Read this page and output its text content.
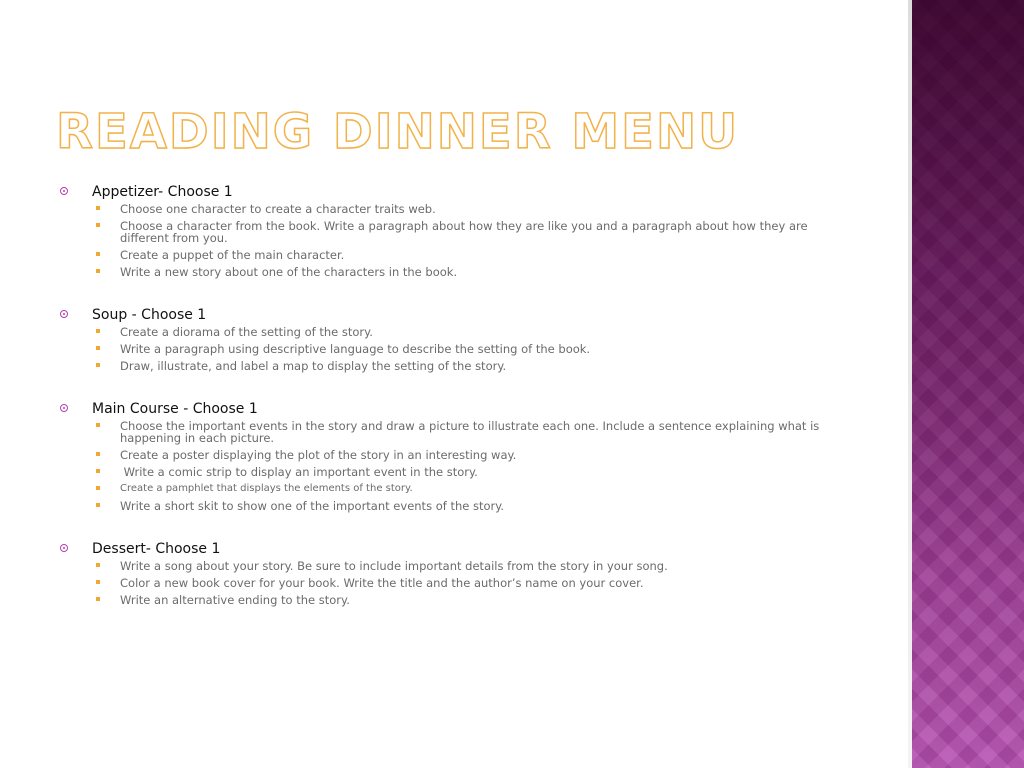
READING DINNER MENU
Appetizer- Choose 1
Choose one character to create a character traits web.
Choose a character from the book. Write a paragraph about how they are like you and a paragraph about how they are different from you.
Create a puppet of the main character.
Write a new story about one of the characters in the book.
Soup - Choose 1
Create a diorama of the setting of the story.
Write a paragraph using descriptive language to describe the setting of the book.
Draw, illustrate, and label a map to display the setting of the story.
Main Course - Choose 1
Choose the important events in the story and draw a picture to illustrate each one. Include a sentence explaining what is happening in each picture.
Create a poster displaying the plot of the story in an interesting way.
Write a comic strip to display an important event in the story.
Create a pamphlet that displays the elements of the story.
Write a short skit to show one of the important events of the story.
Dessert- Choose 1
Write a song about your story. Be sure to include important details from the story in your song.
Color a new book cover for your book. Write the title and the author’s name on your cover.
Write an alternative ending to the story.
